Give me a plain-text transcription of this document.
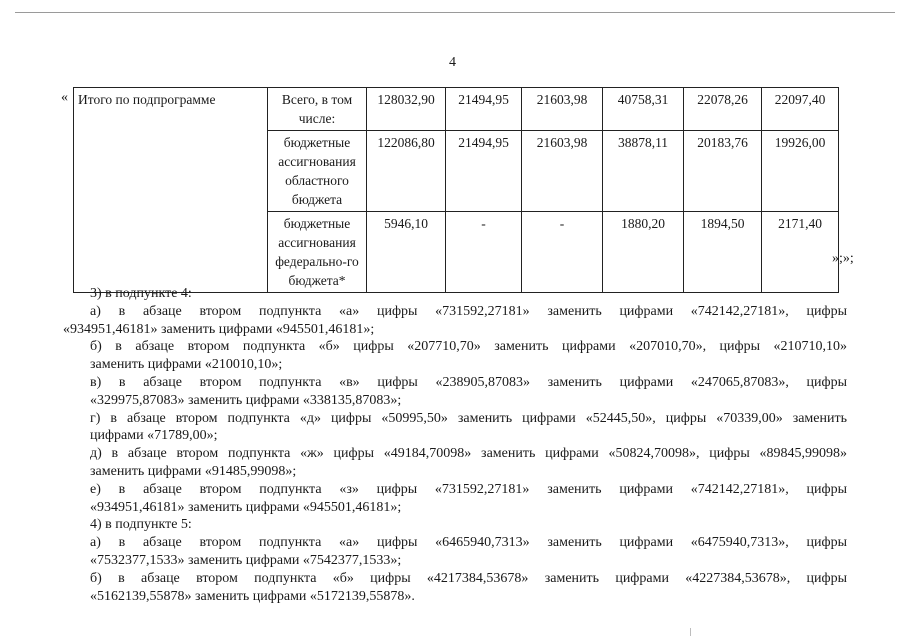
4
« Итого по подпрограмме	Всего, в том числе:	128032,90	21494,95	21603,98	40758,31	22078,26	22097,40
	бюджетные ассигнования областного бюджета	122086,80	21494,95	21603,98	38878,11	20183,76	19926,00
	бюджетные ассигнования федерально-го бюджета*	5946,10	-	-	1880,20	1894,50	2171,40
»;»;

3) в подпункте 4:

а) в абзаце втором подпункта «а» цифры «731592,27181» заменить цифрами «742142,27181», цифры
«934951,46181» заменить цифрами «945501,46181»;

б) в абзаце втором подпункта «б» цифры «207710,70» заменить цифрами «207010,70», цифры «210710,10»
заменить цифрами «210010,10»;

в) в абзаце втором подпункта «в» цифры «238905,87083» заменить цифрами «247065,87083», цифры
«329975,87083» заменить цифрами «338135,87083»;

г) в абзаце втором подпункта «д» цифры «50995,50» заменить цифрами «52445,50», цифры «70339,00» заменить
цифрами «71789,00»;

д) в абзаце втором подпункта «ж» цифры «49184,70098» заменить цифрами «50824,70098», цифры «89845,99098»
заменить цифрами «91485,99098»;

е) в абзаце втором подпункта «з» цифры «731592,27181» заменить цифрами «742142,27181», цифры
«934951,46181» заменить цифрами «945501,46181»;

4) в подпункте 5:

а) в абзаце втором подпункта «а» цифры «6465940,7313» заменить цифрами «6475940,7313», цифры
«7532377,1533» заменить цифрами «7542377,1533»;

б) в абзаце втором подпункта «б» цифры «4217384,53678» заменить цифрами «4227384,53678», цифры
«5162139,55878» заменить цифрами «5172139,55878».
